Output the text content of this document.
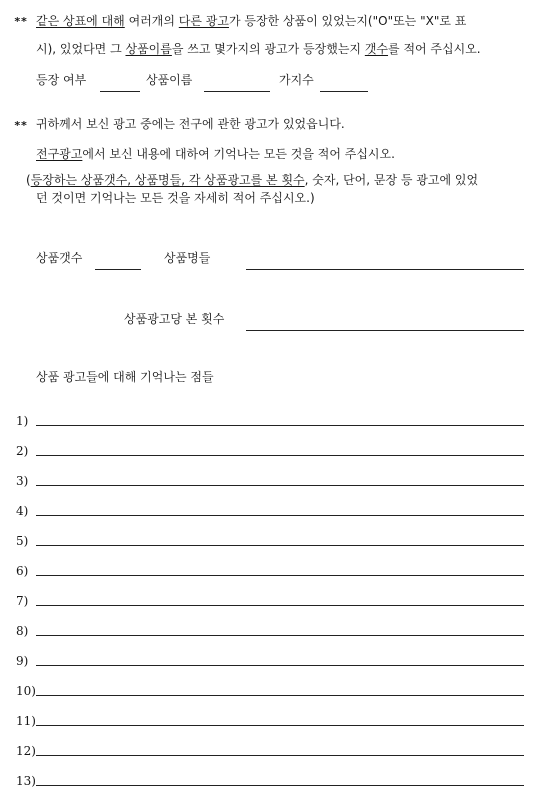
** 같은 상표에 대해 여러개의 다른 광고가 등장한 상품이 있었는지("O"또는 "X"로 표
시), 있었다면 그 상품이름을 쓰고 몇가지의 광고가 등장했는지 갯수를 적어 주십시오.
등장 여부	상품이름	가지수
** 귀하께서 보신 광고 중에는 전구에 관한 광고가 있었읍니다.
전구광고에서 보신 내용에 대하여 기억나는 모든 것을 적어 주십시오.
(등장하는 상품갯수, 상품명들, 각 상품광고를 본 횟수, 숫자, 단어, 문장 등 광고에 있었
던 것이면 기억나는 모든 것을 자세히 적어 주십시오.)
상품갯수	상품명들
상품광고당 본 횟수
상품 광고들에 대해 기억나는 점들
1)
2)
3)
4)
5)
6)
7)
8)
9)
10)
11)
12)
13)
